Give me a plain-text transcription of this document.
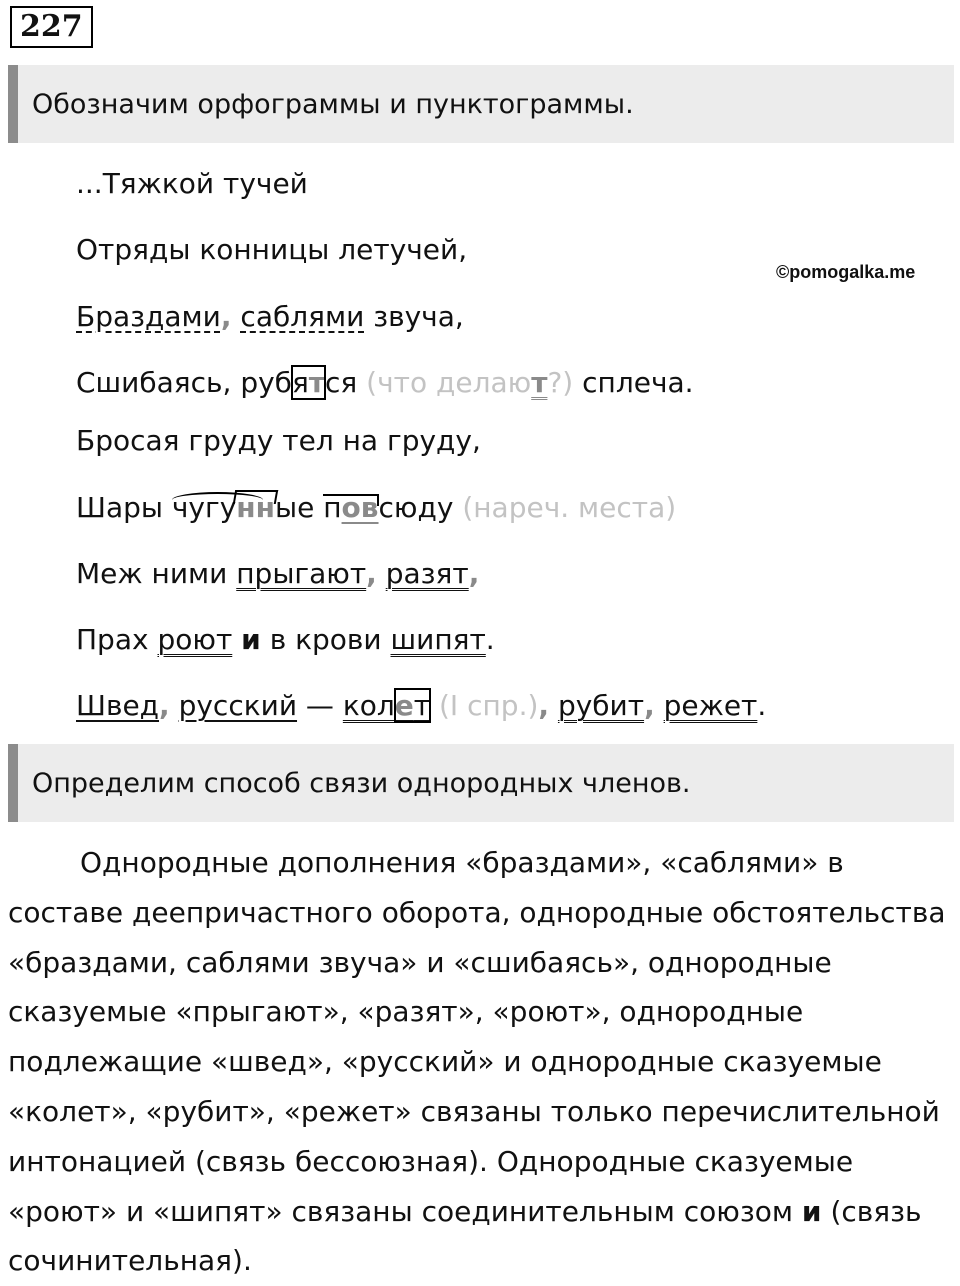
227
Обозначим орфограммы и пунктограммы.
©pomogalka.me
...Тяжкой тучей
Отряды конницы летучей,
Браздами, саблями звуча,
Сшибаясь, рубятся (что делают?) сплеча.
Бросая груду тел на груду,
Шары чугунные повсюду (нареч. места)
Меж ними прыгают, разят,
Прах роют и в крови шипят.
Швед, русский — колет (I спр.), рубит, режет.
Определим способ связи однородных членов.

Однородные дополнения «браздами», «саблями» в составе деепричастного оборота, однородные обстоятельства «браздами, саблями звуча» и «сшибаясь», однородные сказуемые «прыгают», «разят», «роют», однородные подлежащие «швед», «русский» и однородные сказуемые «колет», «рубит», «режет» связаны только перечислительной интонацией (связь бессоюзная). Однородные сказуемые «роют» и «шипят» связаны соединительным союзом и (связь сочинительная).
